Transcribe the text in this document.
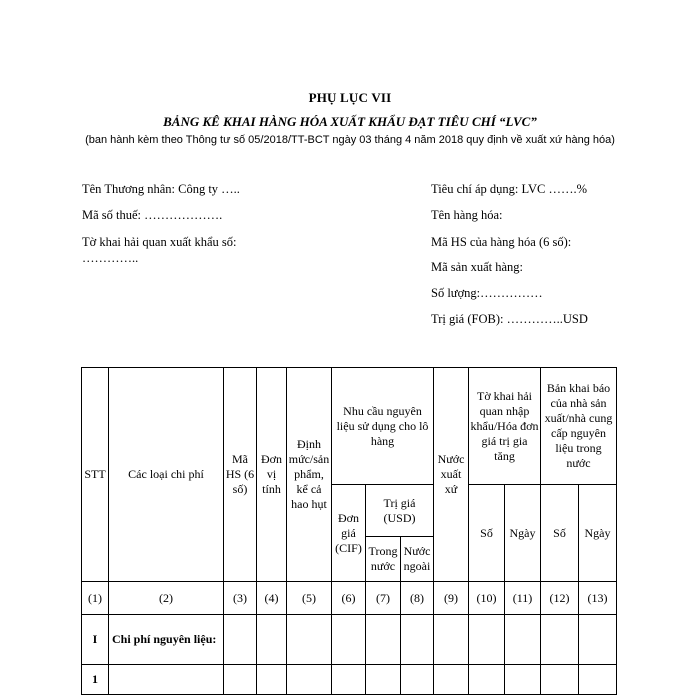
PHỤ LỤC VII
BẢNG KÊ KHAI HÀNG HÓA XUẤT KHẨU ĐẠT TIÊU CHÍ “LVC”
(ban hành kèm theo Thông tư số 05/2018/TT-BCT ngày 03 tháng 4 năm 2018 quy định về xuất xứ hàng hóa)
Tên Thương nhân: Công ty …..
Mã số thuế: ……………….
Tờ khai hải quan xuất khẩu số: …………..
Tiêu chí áp dụng: LVC …….%
Tên hàng hóa:
Mã HS của hàng hóa (6 số):
Mã sản xuất hàng:
Số lượng:……………
Trị giá (FOB): …………..USD
STT	Các loại chi phí	Mã HS (6 số)	Đơn vị tính	Định mức/sản phẩm, kể cả hao hụt	Nhu cầu nguyên liệu sử dụng cho lô hàng			Nước xuất xứ	Tờ khai hải quan nhập khẩu/Hóa đơn giá trị gia tăng		Bản khai báo của nhà sản xuất/nhà cung cấp nguyên liệu trong nước	
					Đơn giá (CIF)	Trị giá (USD)			Số	Ngày	Số	Ngày
						Trong nước	Nước ngoài					
(1)	(2)	(3)	(4)	(5)	(6)	(7)	(8)	(9)	(10)	(11)	(12)	(13)
I	Chi phí nguyên liệu:											
1												
